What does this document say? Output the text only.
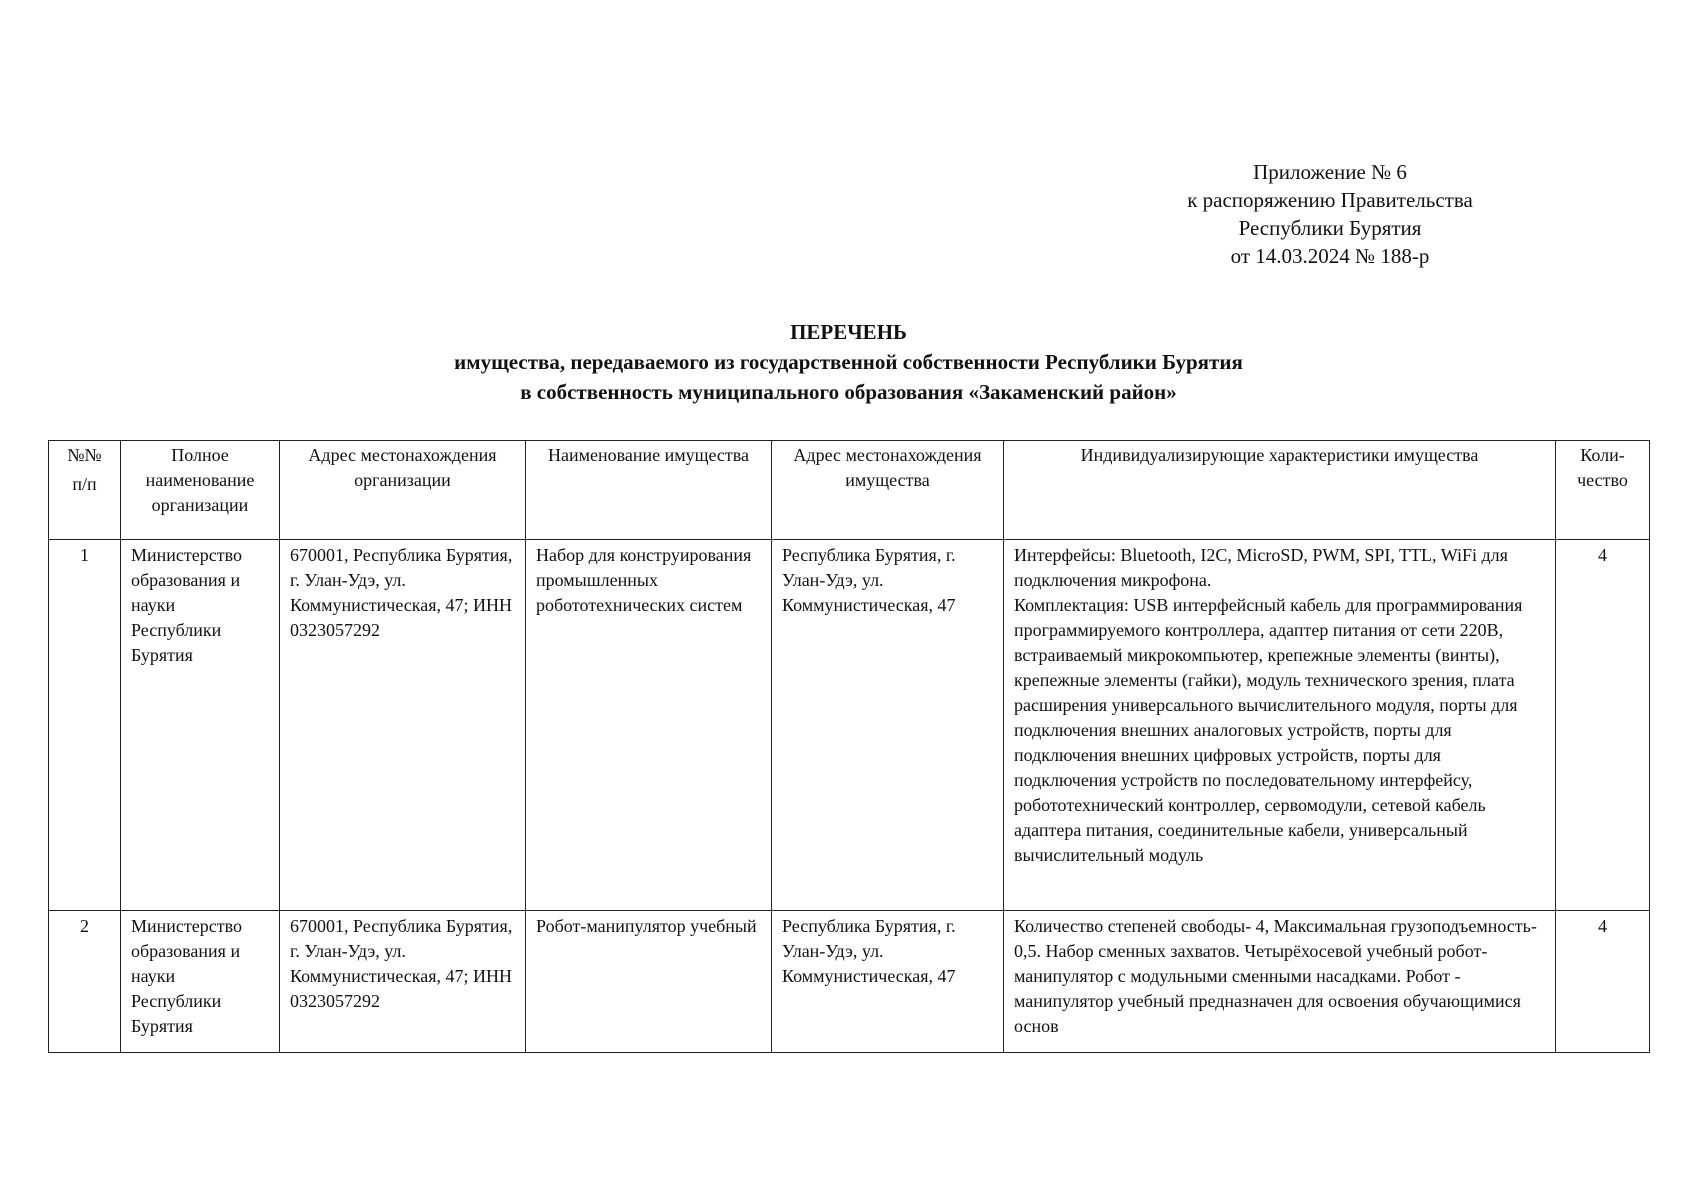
Приложение № 6
к распоряжению Правительства
Республики Бурятия
от 14.03.2024 № 188-р
ПЕРЕЧЕНЬ
имущества, передаваемого из государственной собственности Республики Бурятия
в собственность муниципального образования «Закаменский район»
№№
п/п	Полное наименование организации	Адрес местонахождения организации	Наименование имущества	Адрес местонахождения имущества	Индивидуализирующие характеристики имущества	Коли-чество
1	Министерство образования и науки Республики Бурятия	670001, Республика Бурятия, г. Улан-Удэ, ул. Коммунистическая, 47; ИНН 0323057292	Набор для конструирования промышленных робототехнических систем	Республика Бурятия, г. Улан-Удэ, ул. Коммунистическая, 47	Интерфейсы: Bluetooth, I2C, MicroSD, PWM, SPI, TTL, WiFi для подключения микрофона.
Комплектация: USB интерфейсный кабель для программирования программируемого контроллера, адаптер питания от сети 220В, встраиваемый микрокомпьютер, крепежные элементы (винты), крепежные элементы (гайки), модуль технического зрения, плата расширения универсального вычислительного модуля, порты для подключения внешних аналоговых устройств, порты для подключения внешних цифровых устройств, порты для подключения устройств по последовательному интерфейсу, робототехнический контроллер, сервомодули, сетевой кабель адаптера питания, соединительные кабели, универсальный вычислительный модуль	4
2	Министерство образования и науки Республики Бурятия	670001, Республика Бурятия, г. Улан-Удэ, ул. Коммунистическая, 47; ИНН 0323057292	Робот-манипулятор учебный	Республика Бурятия, г. Улан-Удэ, ул. Коммунистическая, 47	Количество степеней свободы- 4, Максимальная грузоподъемность- 0,5. Набор сменных захватов. Четырёхосевой учебный робот-манипулятор с модульными сменными насадками. Робот - манипулятор учебный предназначен для освоения обучающимися основ	4
